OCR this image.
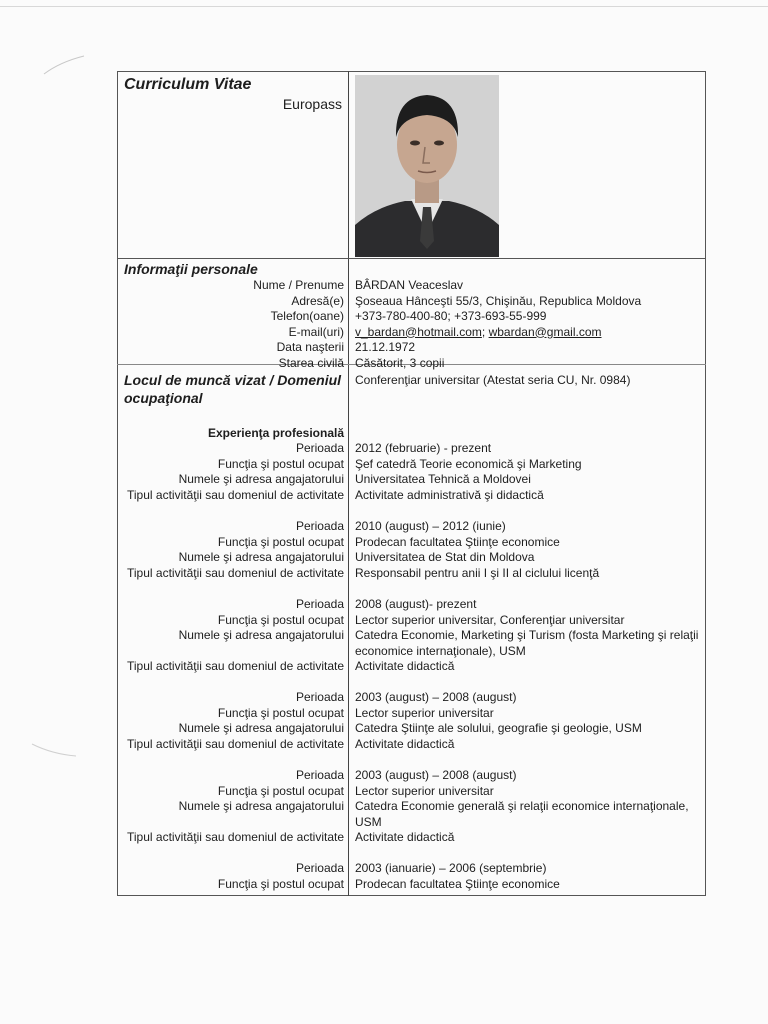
Curriculum Vitae
Europass
Informaţii personale
Nume / Prenume BÂRDAN Veaceslav
Adresă(e) Şoseaua Hânceşti 55/3, Chişinău, Republica Moldova
Telefon(oane) +373-780-400-80; +373-693-55-999
E-mail(uri) v_bardan@hotmail.com; wbardan@gmail.com
Data naşterii 21.12.1972
Starea civilă Căsătorit, 3 copii
Locul de muncă vizat / Domeniul
ocupaţional
Conferenţiar universitar (Atestat seria CU, Nr. 0984)
Experienţa profesională
Perioada 2012 (februarie) - prezent
Funcţia şi postul ocupat Şef catedră Teorie economică şi Marketing
Numele şi adresa angajatorului Universitatea Tehnică a Moldovei
Tipul activităţii sau domeniul de activitate Activitate administrativă şi didactică
Perioada 2010 (august) – 2012 (iunie)
Funcţia şi postul ocupat Prodecan facultatea Ştiinţe economice
Numele şi adresa angajatorului Universitatea de Stat din Moldova
Tipul activităţii sau domeniul de activitate Responsabil pentru anii I şi II al ciclului licenţă
Perioada 2008 (august)- prezent
Funcţia şi postul ocupat Lector superior universitar, Conferenţiar universitar
Numele şi adresa angajatorului Catedra Economie, Marketing şi Turism (fosta Marketing şi relaţii economice internaţionale), USM
Tipul activităţii sau domeniul de activitate Activitate didactică
Perioada 2003 (august) – 2008 (august)
Funcţia şi postul ocupat Lector superior universitar
Numele şi adresa angajatorului Catedra Ştiinţe ale solului, geografie şi geologie, USM
Tipul activităţii sau domeniul de activitate Activitate didactică
Perioada 2003 (august) – 2008 (august)
Funcţia şi postul ocupat Lector superior universitar
Numele şi adresa angajatorului Catedra Economie generală şi relaţii economice internaţionale, USM
Tipul activităţii sau domeniul de activitate Activitate didactică
Perioada 2003 (ianuarie) – 2006 (septembrie)
Funcţia şi postul ocupat Prodecan facultatea Ştiinţe economice
